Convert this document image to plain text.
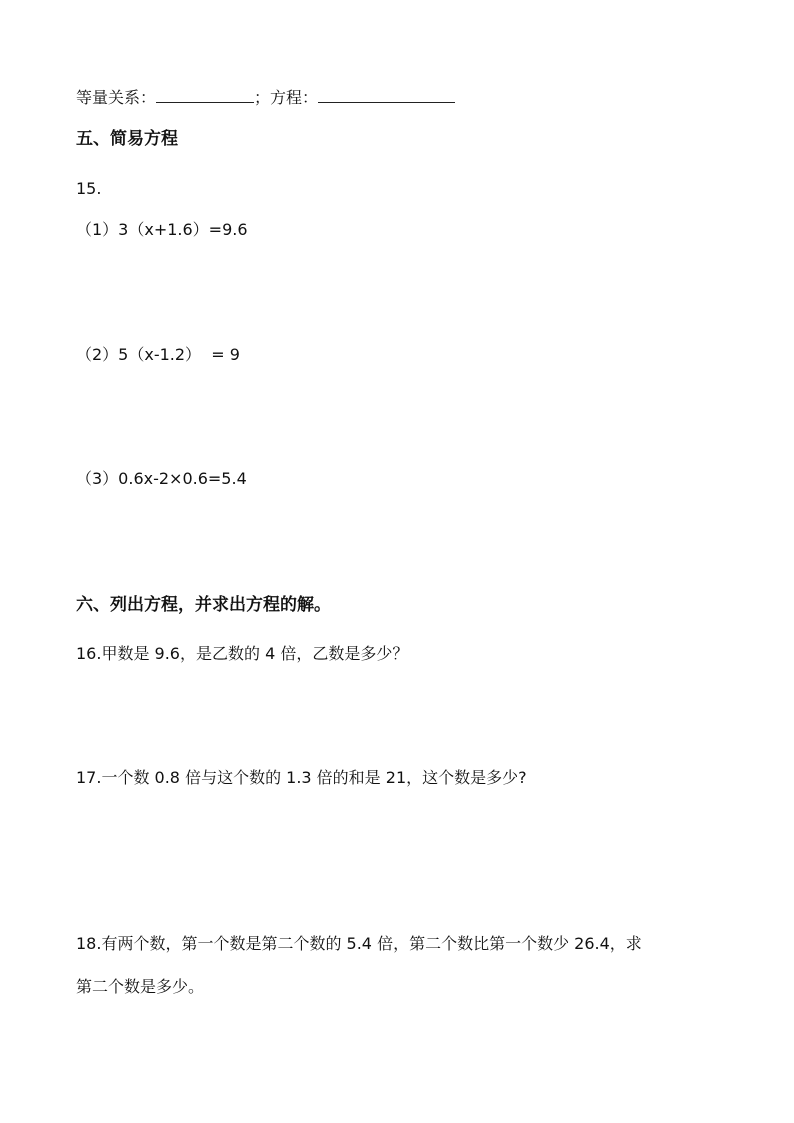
等量关系：	；方程：
五、简易方程
15.
（1）3（x+1.6）=9.6
（2）5（x-1.2）  = 9
（3）0.6x-2×0.6=5.4
六、列出方程，并求出方程的解。
16.甲数是 9.6，是乙数的 4 倍，乙数是多少？
17.一个数 0.8 倍与这个数的 1.3 倍的和是 21，这个数是多少?
18.有两个数，第一个数是第二个数的 5.4 倍，第二个数比第一个数少 26.4，求
第二个数是多少。
